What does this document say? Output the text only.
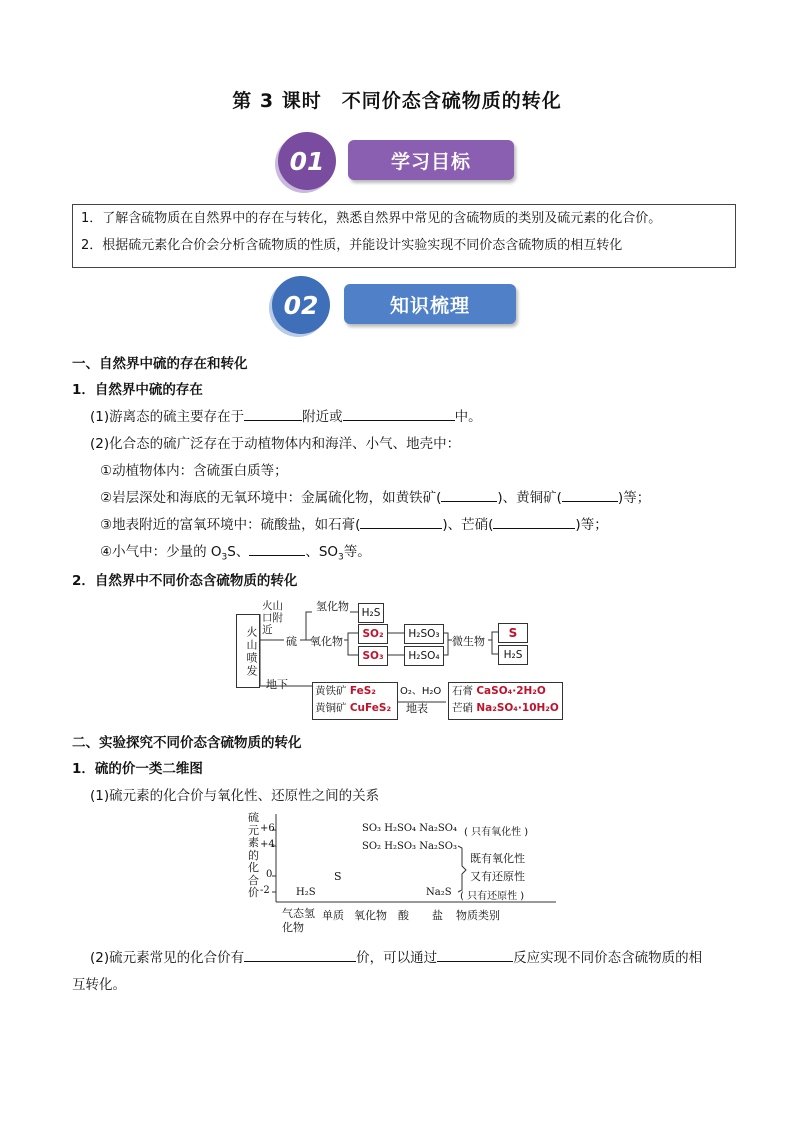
第 3 课时　不同价态含硫物质的转化
学习目标
01
1．了解含硫物质在自然界中的存在与转化，熟悉自然界中常见的含硫物质的类别及硫元素的化合价。
2．根据硫元素化合价会分析含硫物质的性质，并能设计实验实现不同价态含硫物质的相互转化
知识梳理
02
一、自然界中硫的存在和转化
1．自然界中硫的存在
(1)游离态的硫主要存在于	附近或	中。
(2)化合态的硫广泛存在于动植物体内和海洋、小气、地壳中：
①动植物体内：含硫蛋白质等；
②岩层深处和海底的无氧环境中：金属硫化物，如黄铁矿(	)、黄铜矿(	)等；
③地表附近的富氧环境中：硫酸盐，如石膏(	)、芒硝(	)等；
④小气中：少量的 $O_3S$、	、$SO_3$等。
2．自然界中不同价态含硫物质的转化
火山喷发
火山口附近
硫
氢化物
氧化物
H₂S
SO₂
SO₃
H₂SO₃
H₂SO₄
微生物
S
H₂S
地下	黄铁矿 FeS₂
黄铜矿 CuFeS₂
O₂、H₂O
地表
石膏 CaSO₄·2H₂O
芒硝 Na₂SO₄·10H₂O
二、实验探究不同价态含硫物质的转化
1．硫的价一类二维图
(1)硫元素的化合价与氧化性、还原性之间的关系
硫元素的化合价
+6
+4
0
-2
SO₃ H₂SO₄ Na₂SO₄ ( 只有氧化性 )
SO₂ H₂SO₃ Na₂SO₃
既有氧化性
又有还原性
S
H₂S	Na₂S ( 只有还原性 )
气态氢化物
单质 氧化物 酸 盐 物质类别
(2)硫元素常见的化合价有	价，可以通过	反应实现不同价态含硫物质的相
互转化。
